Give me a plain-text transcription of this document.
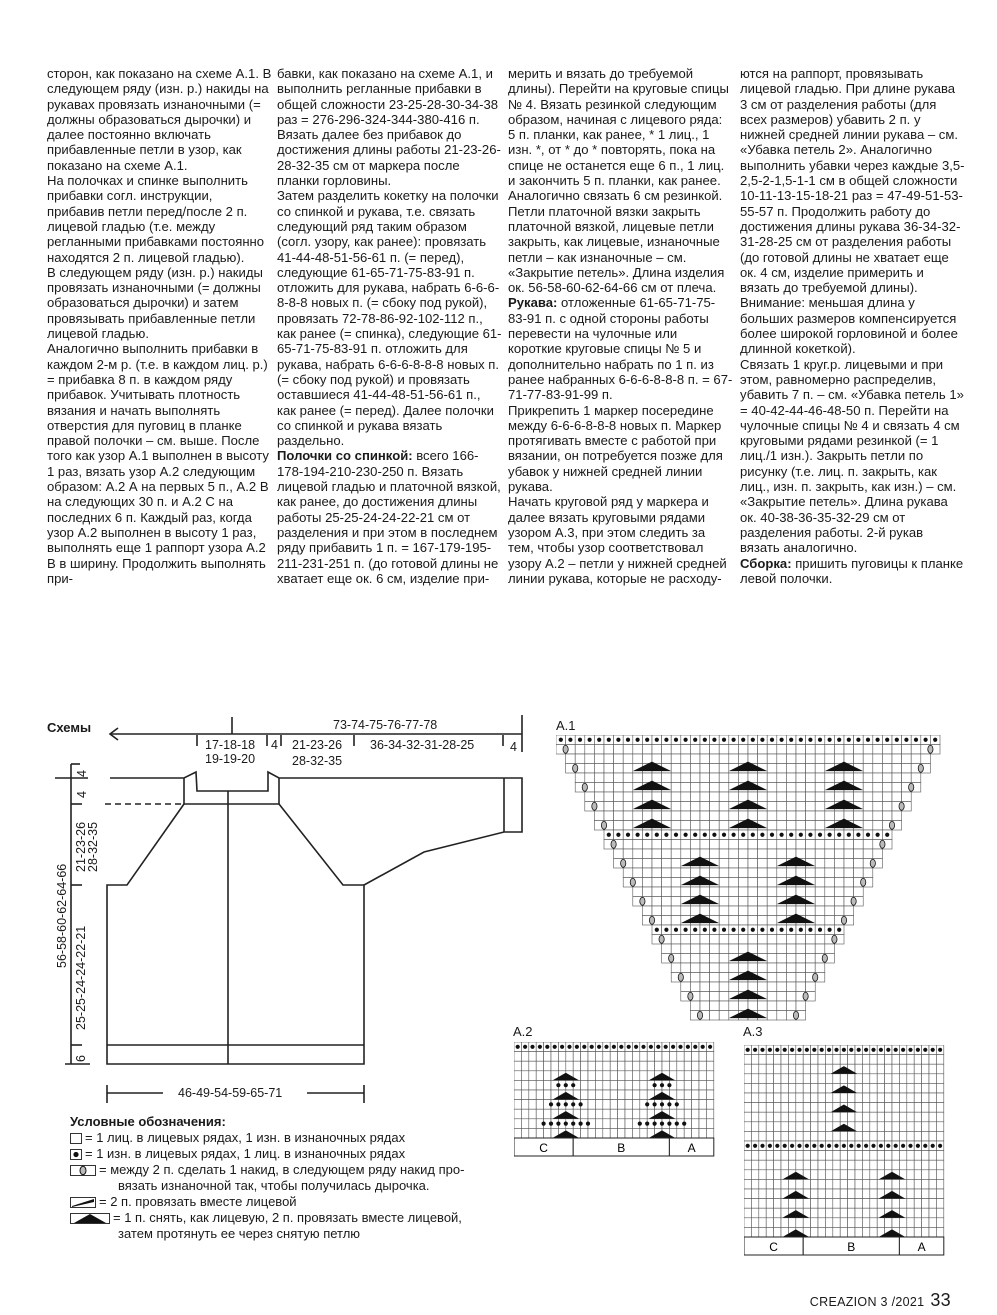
сторон, как показано на схеме А.1. В следующем ряду (изн. р.) накиды на рукавах провязать изнаночными (= должны образоваться дырочки) и далее постоянно включать прибавленные петли в узор, как показано на схеме А.1.

На полочках и спинке выполнить прибавки согл. инструкции, прибавив петли перед/после 2 п. лицевой гладью (т.е. между регланными прибавками постоянно находятся 2 п. лицевой гладью).

В следующем ряду (изн. р.) накиды провязать изнаночными (= должны образоваться дырочки) и затем провязывать прибавленные петли лицевой гладью.

Аналогично выполнить прибавки в каждом 2-м р. (т.е. в каждом лиц. р.) = прибавка 8 п. в каждом ряду прибавок. Учитывать плотность вязания и начать выполнять отверстия для пуговиц в планке правой полочки – см. выше. После того как узор А.1 выполнен в высоту 1 раз, вязать узор А.2 следующим образом: А.2 А на первых 5 п., А.2 В на следующих 30 п. и А.2 С на последних 6 п. Каждый раз, когда узор А.2 выполнен в высоту 1 раз, выполнять еще 1 раппорт узора А.2 В в ширину. Продолжить выполнять при-

бавки, как показано на схеме А.1, и выполнить регланные прибавки в общей сложности 23-25-28-30-34-38 раз = 276-296-324-344-380-416 п.

Вязать далее без прибавок до достижения длины работы 21-23-26-28-32-35 см от маркера после планки горловины.

Затем разделить кокетку на полочки со спинкой и рукава, т.е. связать следующий ряд таким образом (согл. узору, как ранее): провязать 41-44-48-51-56-61 п. (= перед), следующие 61-65-71-75-83-91 п. отложить для рукава, набрать 6-6-6-8-8-8 новых п. (= сбоку под рукой), провязать 72-78-86-92-102-112 п., как ранее (= спинка), следующие 61-65-71-75-83-91 п. отложить для рукава, набрать 6-6-6-8-8-8 новых п. (= сбоку под рукой) и провязать оставшиеся 41-44-48-51-56-61 п., как ранее (= перед). Далее полочки со спинкой и рукава вязать раздельно.

Полочки со спинкой: всего 166-178-194-210-230-250 п. Вязать лицевой гладью и платочной вязкой, как ранее, до достижения длины работы 25-25-24-24-22-21 см от разделения и при этом в последнем ряду прибавить 1 п. = 167-179-195-211-231-251 п. (до готовой длины не хватает еще ок. 6 см, изделие при-

мерить и вязать до требуемой длины). Перейти на круговые спицы № 4. Вязать резинкой следующим образом, начиная с лицевого ряда: 5 п. планки, как ранее, * 1 лиц., 1 изн. *, от * до * повторять, пока на спице не останется еще 6 п., 1 лиц. и закончить 5 п. планки, как ранее. Аналогично связать 6 см резинкой. Петли платочной вязки закрыть платочной вязкой, лицевые петли закрыть, как лицевые, изнаночные петли – как изнаночные – см. «Закрытие петель». Длина изделия ок. 56-58-60-62-64-66 см от плеча.

Рукава: отложенные 61-65-71-75-83-91 п. с одной стороны работы перевести на чулочные или короткие круговые спицы № 5 и дополнительно набрать по 1 п. из ранее набранных 6-6-6-8-8-8 п. = 67-71-77-83-91-99 п.

Прикрепить 1 маркер посередине между 6-6-6-8-8-8 новых п. Маркер протягивать вместе с работой при вязании, он потребуется позже для убавок у нижней средней линии рукава.

Начать круговой ряд у маркера и далее вязать круговыми рядами узором А.3, при этом следить за тем, чтобы узор соответствовал узору А.2 – петли у нижней средней линии рукава, которые не расходу-

ются на раппорт, провязывать лицевой гладью. При длине рукава 3 см от разделения работы (для всех размеров) убавить 2 п. у нижней средней линии рукава – см. «Убавка петель 2». Аналогично выполнить убавки через каждые 3,5-2,5-2-1,5-1-1 см в общей сложности 10-11-13-15-18-21 раз = 47-49-51-53-55-57 п. Продолжить работу до достижения длины рукава 36-34-32-31-28-25 см от разделения работы (до готовой длины не хватает еще ок. 4 см, изделие примерить и вязать до требуемой длины). Внимание: меньшая длина у больших размеров компенсируется более широкой горловиной и более длинной кокеткой).

Связать 1 круг.р. лицевыми и при этом, равномерно распределив, убавить 7 п. – см. «Убавка петель 1» = 40-42-44-46-48-50 п. Перейти на чулочные спицы № 4 и связать 4 см круговыми рядами резинкой (= 1 лиц./1 изн.). Закрыть петли по рисунку (т.е. лиц. п. закрыть, как лиц., изн. п. закрыть, как изн.) – см. «Закрытие петель». Длина рукава ок. 40-38-36-35-32-29 см от разделения работы. 2-й рукав вязать аналогично.

Сборка: пришить пуговицы к планке левой полочки.

Схемы	73-74-75-76-77-78
17-18-18
19-19-20
4 21-23-26
28-32-35
36-34-32-31-28-25	4
4
4
21-23-26
28-32-35
56-58-60-62-64-66
25-25-24-24-22-21
6
46-49-54-59-65-71
Условные обозначения:
= 1 лиц. в лицевых рядах, 1 изн. в изнаночных рядах
= 1 изн. в лицевых рядах, 1 лиц. в изнаночных рядах
= между 2 п. сделать 1 накид, в следующем ряду накид про-
вязать изнаночной так, чтобы получилась дырочка.
= 2 п. провязать вместе лицевой
= 1 п. снять, как лицевую, 2 п. провязать вместе лицевой,
затем протянуть ее через снятую петлю
A.1
A.2
C	B	A
A.3
C	B	A
CREAZION 3 /2021 33
